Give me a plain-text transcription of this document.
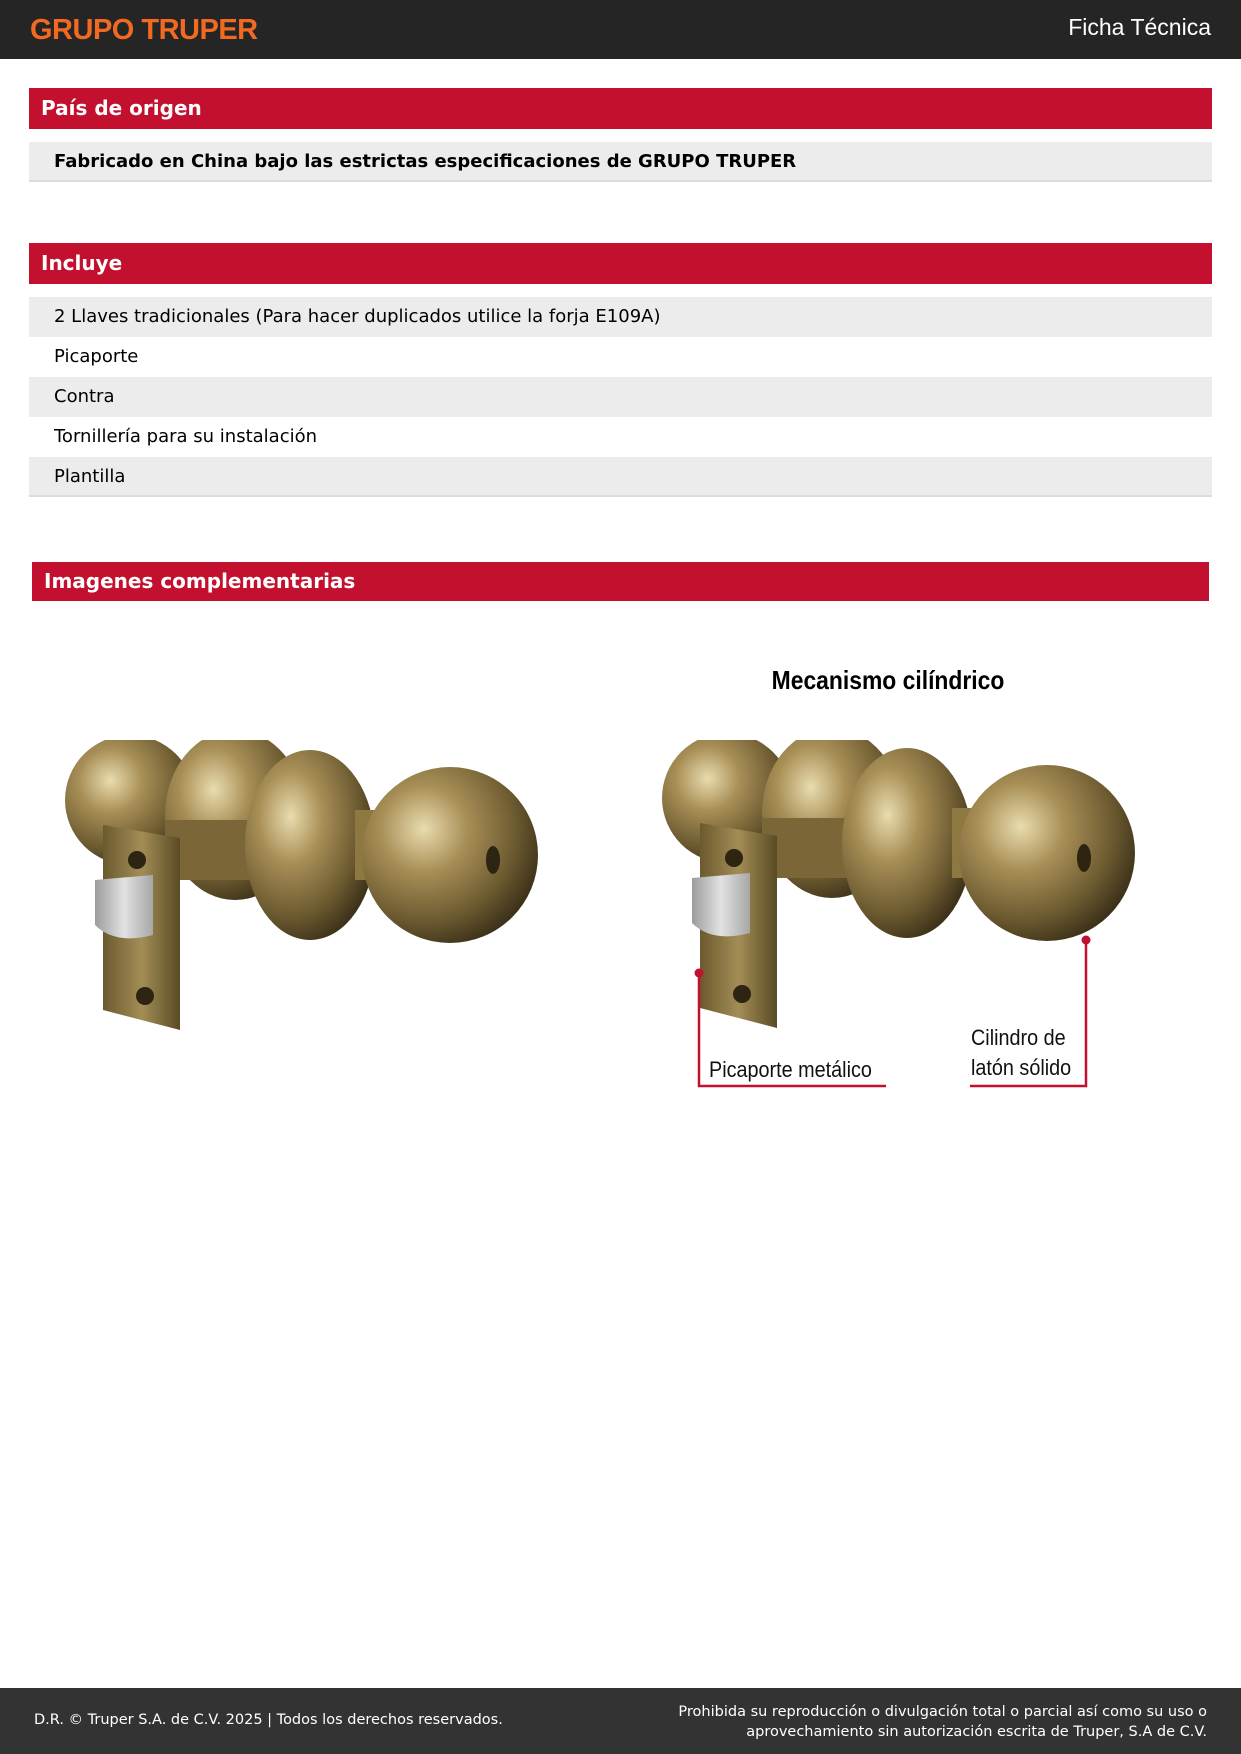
GRUPO TRUPER	Ficha Técnica
País de origen
Fabricado en China bajo las estrictas especificaciones de GRUPO TRUPER
Incluye
2 Llaves tradicionales (Para hacer duplicados utilice la forja E109A)
Picaporte
Contra
Tornillería para su instalación
Plantilla
Imagenes complementarias
Mecanismo cilíndrico
Picaporte metálico
Cilindro de
latón sólido
D.R. © Truper S.A. de C.V. 2025 | Todos los derechos reservados.	Prohibida su reproducción o divulgación total o parcial así como su uso o
aprovechamiento sin autorización escrita de Truper, S.A de C.V.
